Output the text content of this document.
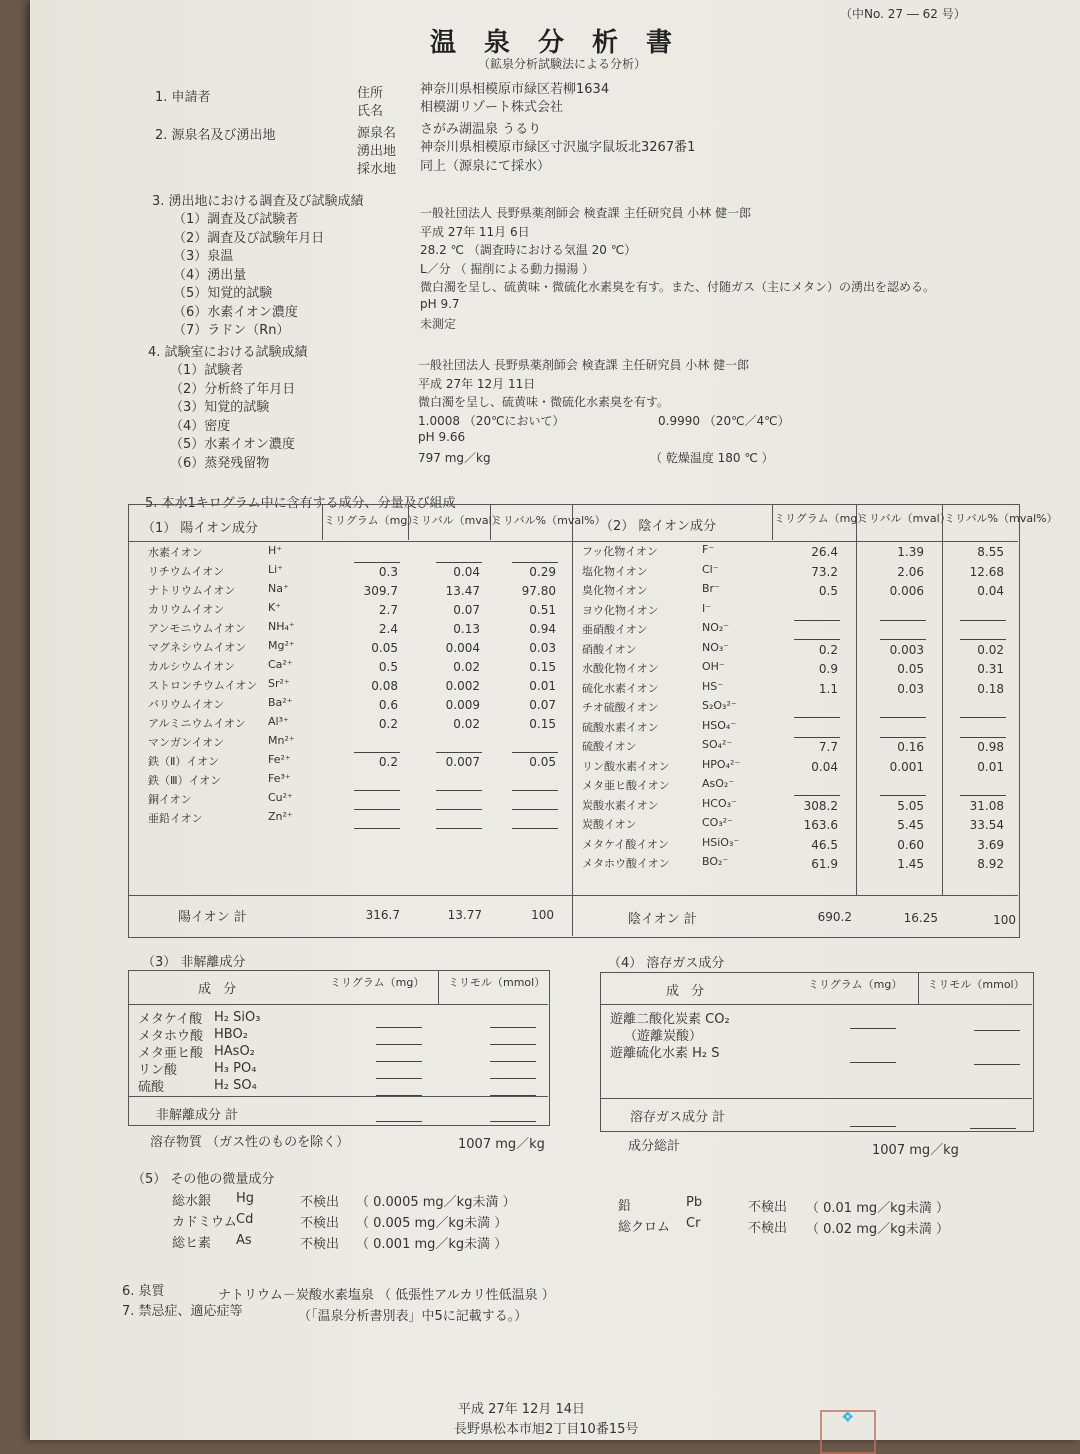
（中No. 27 ― 62 号）
温泉分析書
（鉱泉分析試験法による分析）
1. 申請者	住所	神奈川県相模原市緑区若柳1634
氏名	相模湖リゾート株式会社
2. 源泉名及び湧出地	源泉名 さがみ湖温泉 うるり
湧出地 神奈川県相模原市緑区寸沢嵐字鼠坂北3267番1
採水地 同上（源泉にて採水）
3. 湧出地における調査及び試験成績
（1）調査及び試験者	一般社団法人 長野県薬剤師会 検査課 主任研究員 小林 健一郎
（2）調査及び試験年月日	平成 27年 11月 6日
（3）泉温	28.2 ℃ （調査時における気温 20 ℃）
（4）湧出量	L／分 （ 掘削による動力揚湯 ）
（5）知覚的試験	微白濁を呈し、硫黄味・微硫化水素臭を有す。また、付随ガス（主にメタン）の湧出を認める。
（6）水素イオン濃度
pH 9.7
（7）ラドン（Rn）	未測定
4. 試験室における試験成績
（1）試験者	一般社団法人 長野県薬剤師会 検査課 主任研究員 小林 健一郎
（2）分析終了年月日	平成 27年 12月 11日
（3）知覚的試験	微白濁を呈し、硫黄味・微硫化水素臭を有す。
（4）密度	1.0008 （20℃において）	0.9990 （20℃／4℃）
（5）水素イオン濃度	pH 9.66
（6）蒸発残留物	797 mg／kg	（ 乾燥温度 180 ℃ ）
5. 本水1キログラム中に含有する成分、分量及び組成
（1） 陽イオン成分
ミリグラム（mg）
ミリバル（mval）
ミリバル%（mval%）
（2） 陰イオン成分
ミリグラム（mg）
ミリバル（mval）
ミリバル%（mval%）
水素イオン	H⁺
リチウムイオン	Li⁺	0.3	0.04	0.29
ナトリウムイオン	Na⁺	309.7	13.47	97.80
カリウムイオン	K⁺	2.7	0.07	0.51
アンモニウムイオン NH₄⁺	2.4	0.13	0.94
マグネシウムイオン Mg²⁺	0.05	0.004	0.03
カルシウムイオン	Ca²⁺	0.5	0.02	0.15
ストロンチウムイオン Sr²⁺	0.08	0.002	0.01
バリウムイオン	Ba²⁺	0.6	0.009	0.07
アルミニウムイオン Al³⁺	0.2	0.02	0.15
マンガンイオン	Mn²⁺
鉄（Ⅱ）イオン	Fe²⁺	0.2	0.007	0.05
鉄（Ⅲ）イオン	Fe³⁺
銅イオン	Cu²⁺
亜鉛イオン	Zn²⁺
フッ化物イオン	F⁻	26.4	1.39	8.55
塩化物イオン	Cl⁻	73.2	2.06	12.68
臭化物イオン	Br⁻	0.5	0.006	0.04
ヨウ化物イオン	I⁻
亜硝酸イオン	NO₂⁻
硝酸イオン	NO₃⁻	0.2	0.003	0.02
水酸化物イオン	OH⁻	0.9	0.05	0.31
硫化水素イオン	HS⁻	1.1	0.03	0.18
チオ硫酸イオン	S₂O₃²⁻
硫酸水素イオン	HSO₄⁻
硫酸イオン	SO₄²⁻	7.7	0.16	0.98
リン酸水素イオン	HPO₄²⁻	0.04	0.001	0.01
メタ亜ヒ酸イオン	AsO₂⁻
炭酸水素イオン	HCO₃⁻	308.2	5.05	31.08
炭酸イオン	CO₃²⁻	163.6	5.45	33.54
メタケイ酸イオン	HSiO₃⁻	46.5	0.60	3.69
メタホウ酸イオン	BO₂⁻	61.9	1.45	8.92
陽イオン 計	316.7	13.77	100	陰イオン 計	690.2	16.25	100
（3） 非解離成分
成 分	ミリグラム（mg） ミリモル（mmol）
メタケイ酸 H₂ SiO₃
メタホウ酸 HBO₂
メタ亜ヒ酸 HAsO₂
リン酸	H₃ PO₄
硫酸	H₂ SO₄
非解離成分 計
溶存物質 （ガス性のものを除く）	1007 mg／kg
（4） 溶存ガス成分
成 分	ミリグラム（mg） ミリモル（mmol）
遊離二酸化炭素 CO₂
（遊離炭酸）
遊離硫化水素 H₂ S
溶存ガス成分 計
成分総計	1007 mg／kg
（5） その他の微量成分
総水銀 Hg	不検出 （ 0.0005 mg／kg未満 ）
カドミウム Cd	不検出 （ 0.005 mg／kg未満 ）
総ヒ素 As	不検出 （ 0.001 mg／kg未満 ）
鉛	Pb	不検出 （ 0.01 mg／kg未満 ）
総クロム Cr	不検出 （ 0.02 mg／kg未満 ）
6. 泉質	ナトリウム－炭酸水素塩泉 （ 低張性アルカリ性低温泉 ）
7. 禁忌症、適応症等	（「温泉分析書別表」中5に記載する。）
平成 27年 12月 14日
長野県松本市旭2丁目10番15号
💠
